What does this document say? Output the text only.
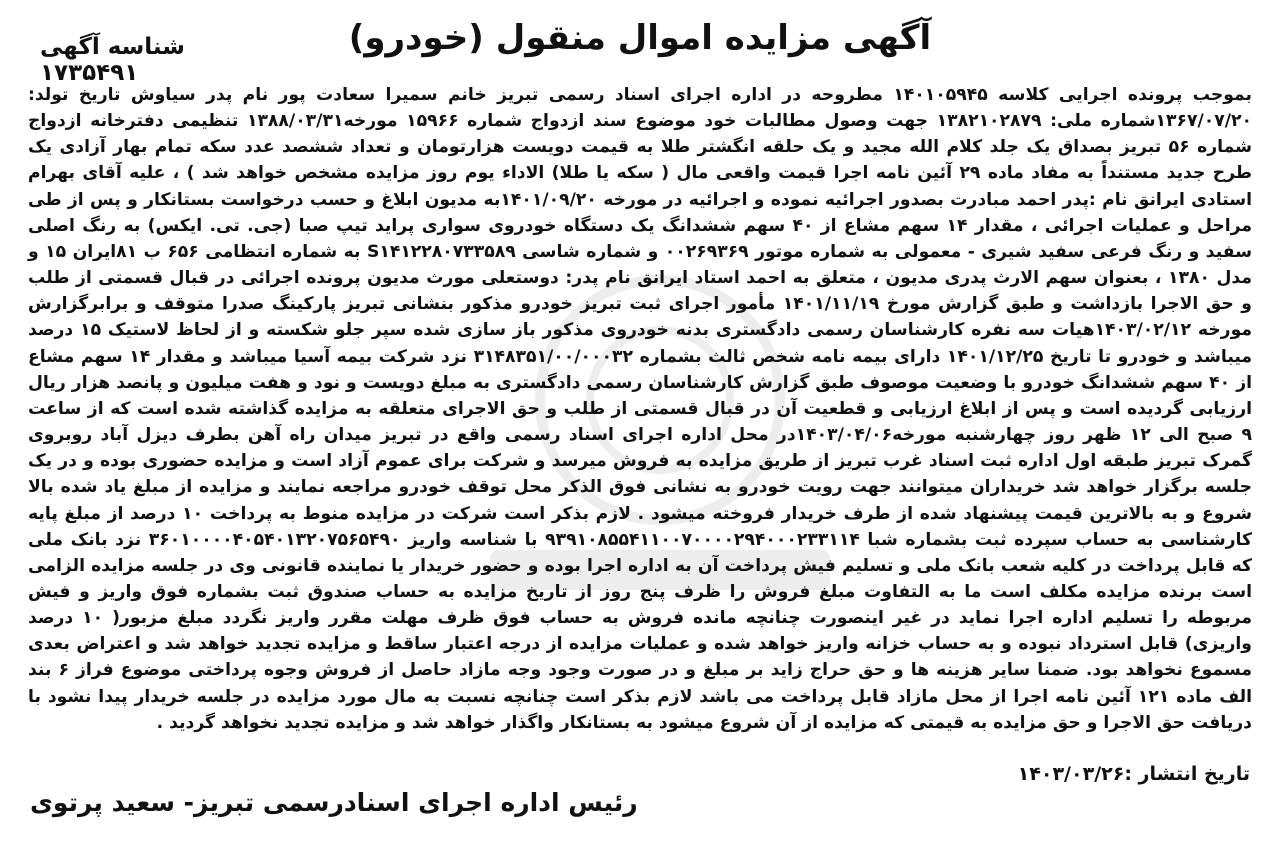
آگهی مزایده اموال منقول (خودرو)
شناسه آگهی ۱۷۳۵۴۹۱

بموجب پرونده اجرایی کلاسه ۱۴۰۱۰۵۹۴۵ مطروحه در اداره اجرای اسناد رسمی تبریز خانم سمیرا سعادت پور نام پدر سیاوش تاریخ تولد: ۱۳۶۷/۰۷/۲۰شماره ملی: ۱۳۸۲۱۰۲۸۷۹ جهت وصول مطالبات خود موضوع سند ازدواج شماره ۱۵۹۶۶ مورخه۱۳۸۸/۰۳/۳۱ تنظیمی دفترخانه ازدواج شماره ۵۶ تبریز بصداق یک جلد کلام الله مجید و یک حلقه انگشتر طلا به قیمت دویست هزارتومان و تعداد ششصد عدد سکه تمام بهار آزادی یک طرح جدید مستنداً به مفاد ماده ۲۹ آئین نامه اجرا قیمت واقعی مال ( سکه یا طلا) الاداء یوم روز مزایده مشخص خواهد شد ) ، علیه آقای بهرام استادی ایرانق نام :پدر احمد مبادرت بصدور اجرائیه نموده و اجرائیه در مورخه ۱۴۰۱/۰۹/۲۰به مدیون ابلاغ و حسب درخواست بستانکار و پس از طی مراحل و عملیات اجرائی ، مقدار ۱۴ سهم مشاع از ۴۰ سهم ششدانگ یک دستگاه خودروی سواری پراید تیپ صبا (جی. تی. ایکس) به رنگ اصلی سفید و رنگ فرعی سفید شیری - معمولی به شماره موتور ۰۰۲۶۹۳۶۹ و شماره شاسی S۱۴۱۲۲۸۰۷۳۳۵۸۹ به شماره انتظامی ۶۵۶ ب ۸۱ایران ۱۵ و مدل ۱۳۸۰ ، بعنوان سهم الارث پدری مدیون ، متعلق به احمد استاد ایرانق نام پدر: دوستعلی مورث مدیون پرونده اجرائی در قبال قسمتی از طلب و حق الاجرا بازداشت و طبق گزارش مورخ ۱۴۰۱/۱۱/۱۹ مأمور اجرای ثبت تبریز خودرو مذکور بنشانی تبریز پارکینگ صدرا متوقف و برابرگزارش مورخه ۱۴۰۳/۰۲/۱۲هیات سه نفره کارشناسان رسمی دادگستری بدنه خودروی مذکور باز سازی شده سپر جلو شکسته و از لحاظ لاستیک ۱۵ درصد میباشد و خودرو تا تاریخ ۱۴۰۱/۱۲/۲۵ دارای بیمه نامه شخص ثالث بشماره ۳۱۴۸۳۵۱/۰۰/۰۰۰۳۲ نزد شرکت بیمه آسیا میباشد و مقدار ۱۴ سهم مشاع از ۴۰ سهم ششدانگ خودرو با وضعیت موصوف طبق گزارش کارشناسان رسمی دادگستری به مبلغ دویست و نود و هفت میلیون و پانصد هزار ریال ارزیابی گردیده است و پس از ابلاغ ارزیابی و قطعیت آن در قبال قسمتی از طلب و حق الاجرای متعلقه به مزایده گذاشته شده است که از ساعت ۹ صبح الی ۱۲ ظهر روز چهارشنبه مورخه۱۴۰۳/۰۴/۰۶در محل اداره اجرای اسناد رسمی واقع در تبریز میدان راه آهن بطرف دیزل آباد روبروی گمرک تبریز طبقه اول اداره ثبت اسناد غرب تبریز از طریق مزایده به فروش میرسد و شرکت برای عموم آزاد است و مزایده حضوری بوده و در یک جلسه برگزار خواهد شد خریداران میتوانند جهت رویت خودرو به نشانی فوق الذکر محل توقف خودرو مراجعه نمایند و مزایده از مبلغ یاد شده بالا شروع و به بالاترین قیمت پیشنهاد شده از طرف خریدار فروخته میشود . لازم بذکر است شرکت در مزایده منوط به پرداخت ۱۰ درصد از مبلغ پایه کارشناسی به حساب سپرده ثبت بشماره شبا ۹۳۹۱۰۸۵۵۴۱۱۰۰۷۰۰۰۰۲۹۴۰۰۰۲۳۳۱۱۴ با شناسه واریز ۳۶۰۱۰۰۰۰۴۰۵۴۰۱۳۲۰۷۵۶۵۴۹۰ نزد بانک ملی که قابل پرداخت در کلیه شعب بانک ملی و تسلیم فیش پرداخت آن به اداره اجرا بوده و حضور خریدار یا نماینده قانونی وی در جلسه مزایده الزامی است برنده مزایده مکلف است ما به التفاوت مبلغ فروش را ظرف پنج روز از تاریخ مزایده به حساب صندوق ثبت بشماره فوق واریز و فیش مربوطه را تسلیم اداره اجرا نماید در غیر اینصورت چنانچه مانده فروش به حساب فوق ظرف مهلت مقرر واریز نگردد مبلغ مزبور( ۱۰ درصد واریزی) قابل استرداد نبوده و به حساب خزانه واریز خواهد شده و عملیات مزایده از درجه اعتبار ساقط و مزایده تجدید خواهد شد و اعتراض بعدی مسموع نخواهد بود. ضمنا سایر هزینه ها و حق حراج زاید بر مبلغ و در صورت وجود وجه مازاد حاصل از فروش وجوه پرداختی موضوع فراز ۶ بند الف ماده ۱۲۱ آئین نامه اجرا از محل مازاد قابل پرداخت می باشد لازم بذکر است چنانچه نسبت به مال مورد مزایده در جلسه خریدار پیدا نشود با دریافت حق الاجرا و حق مزایده به قیمتی که مزایده از آن شروع میشود به بستانکار واگذار خواهد شد و مزایده تجدید نخواهد گردید .

تاریخ انتشار :۱۴۰۳/۰۳/۲۶
رئیس اداره اجرای اسنادرسمی تبریز- سعید پرتوی
